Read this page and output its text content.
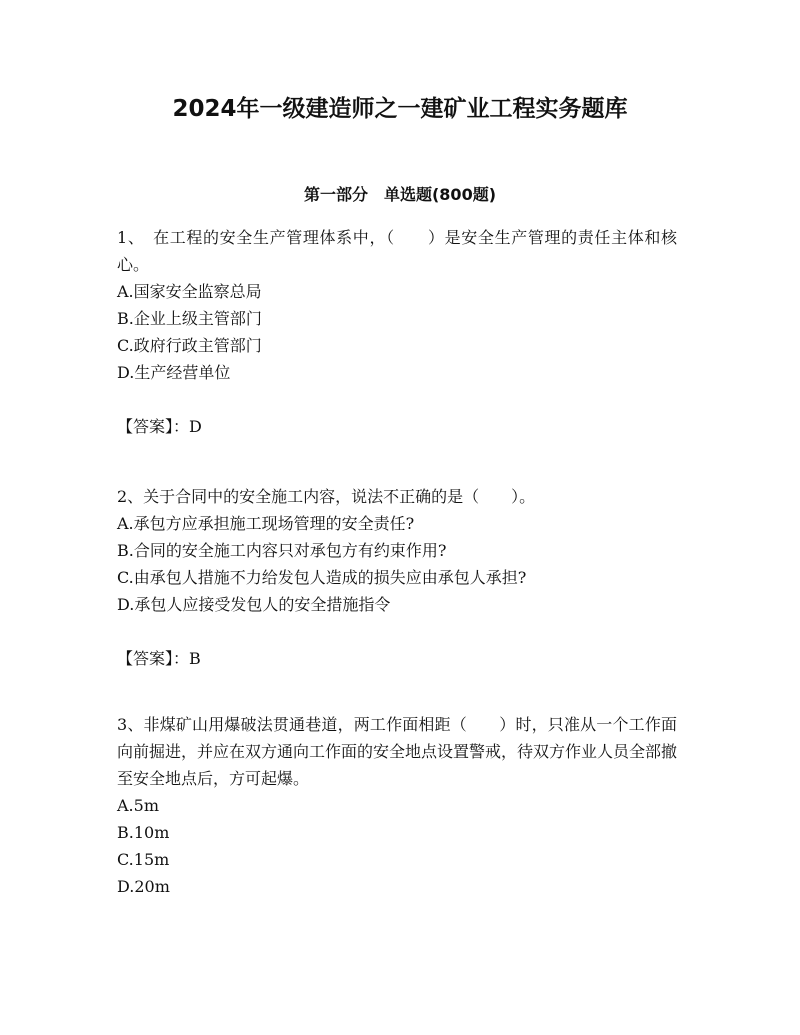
2024年一级建造师之一建矿业工程实务题库
第一部分　单选题(800题)

1、　在工程的安全生产管理体系中，（　　）是安全生产管理的责任主体和核心。

A.国家安全监察总局

B.企业上级主管部门

C.政府行政主管部门

D.生产经营单位

【答案】：D

2、关于合同中的安全施工内容，说法不正确的是（　　）。

A.承包方应承担施工现场管理的安全责任?

B.合同的安全施工内容只对承包方有约束作用?

C.由承包人措施不力给发包人造成的损失应由承包人承担?

D.承包人应接受发包人的安全措施指令

【答案】：B

3、非煤矿山用爆破法贯通巷道，两工作面相距（　　）时，只准从一个工作面向前掘进，并应在双方通向工作面的安全地点设置警戒，待双方作业人员全部撤至安全地点后，方可起爆。

A.5m

B.10m

C.15m

D.20m
